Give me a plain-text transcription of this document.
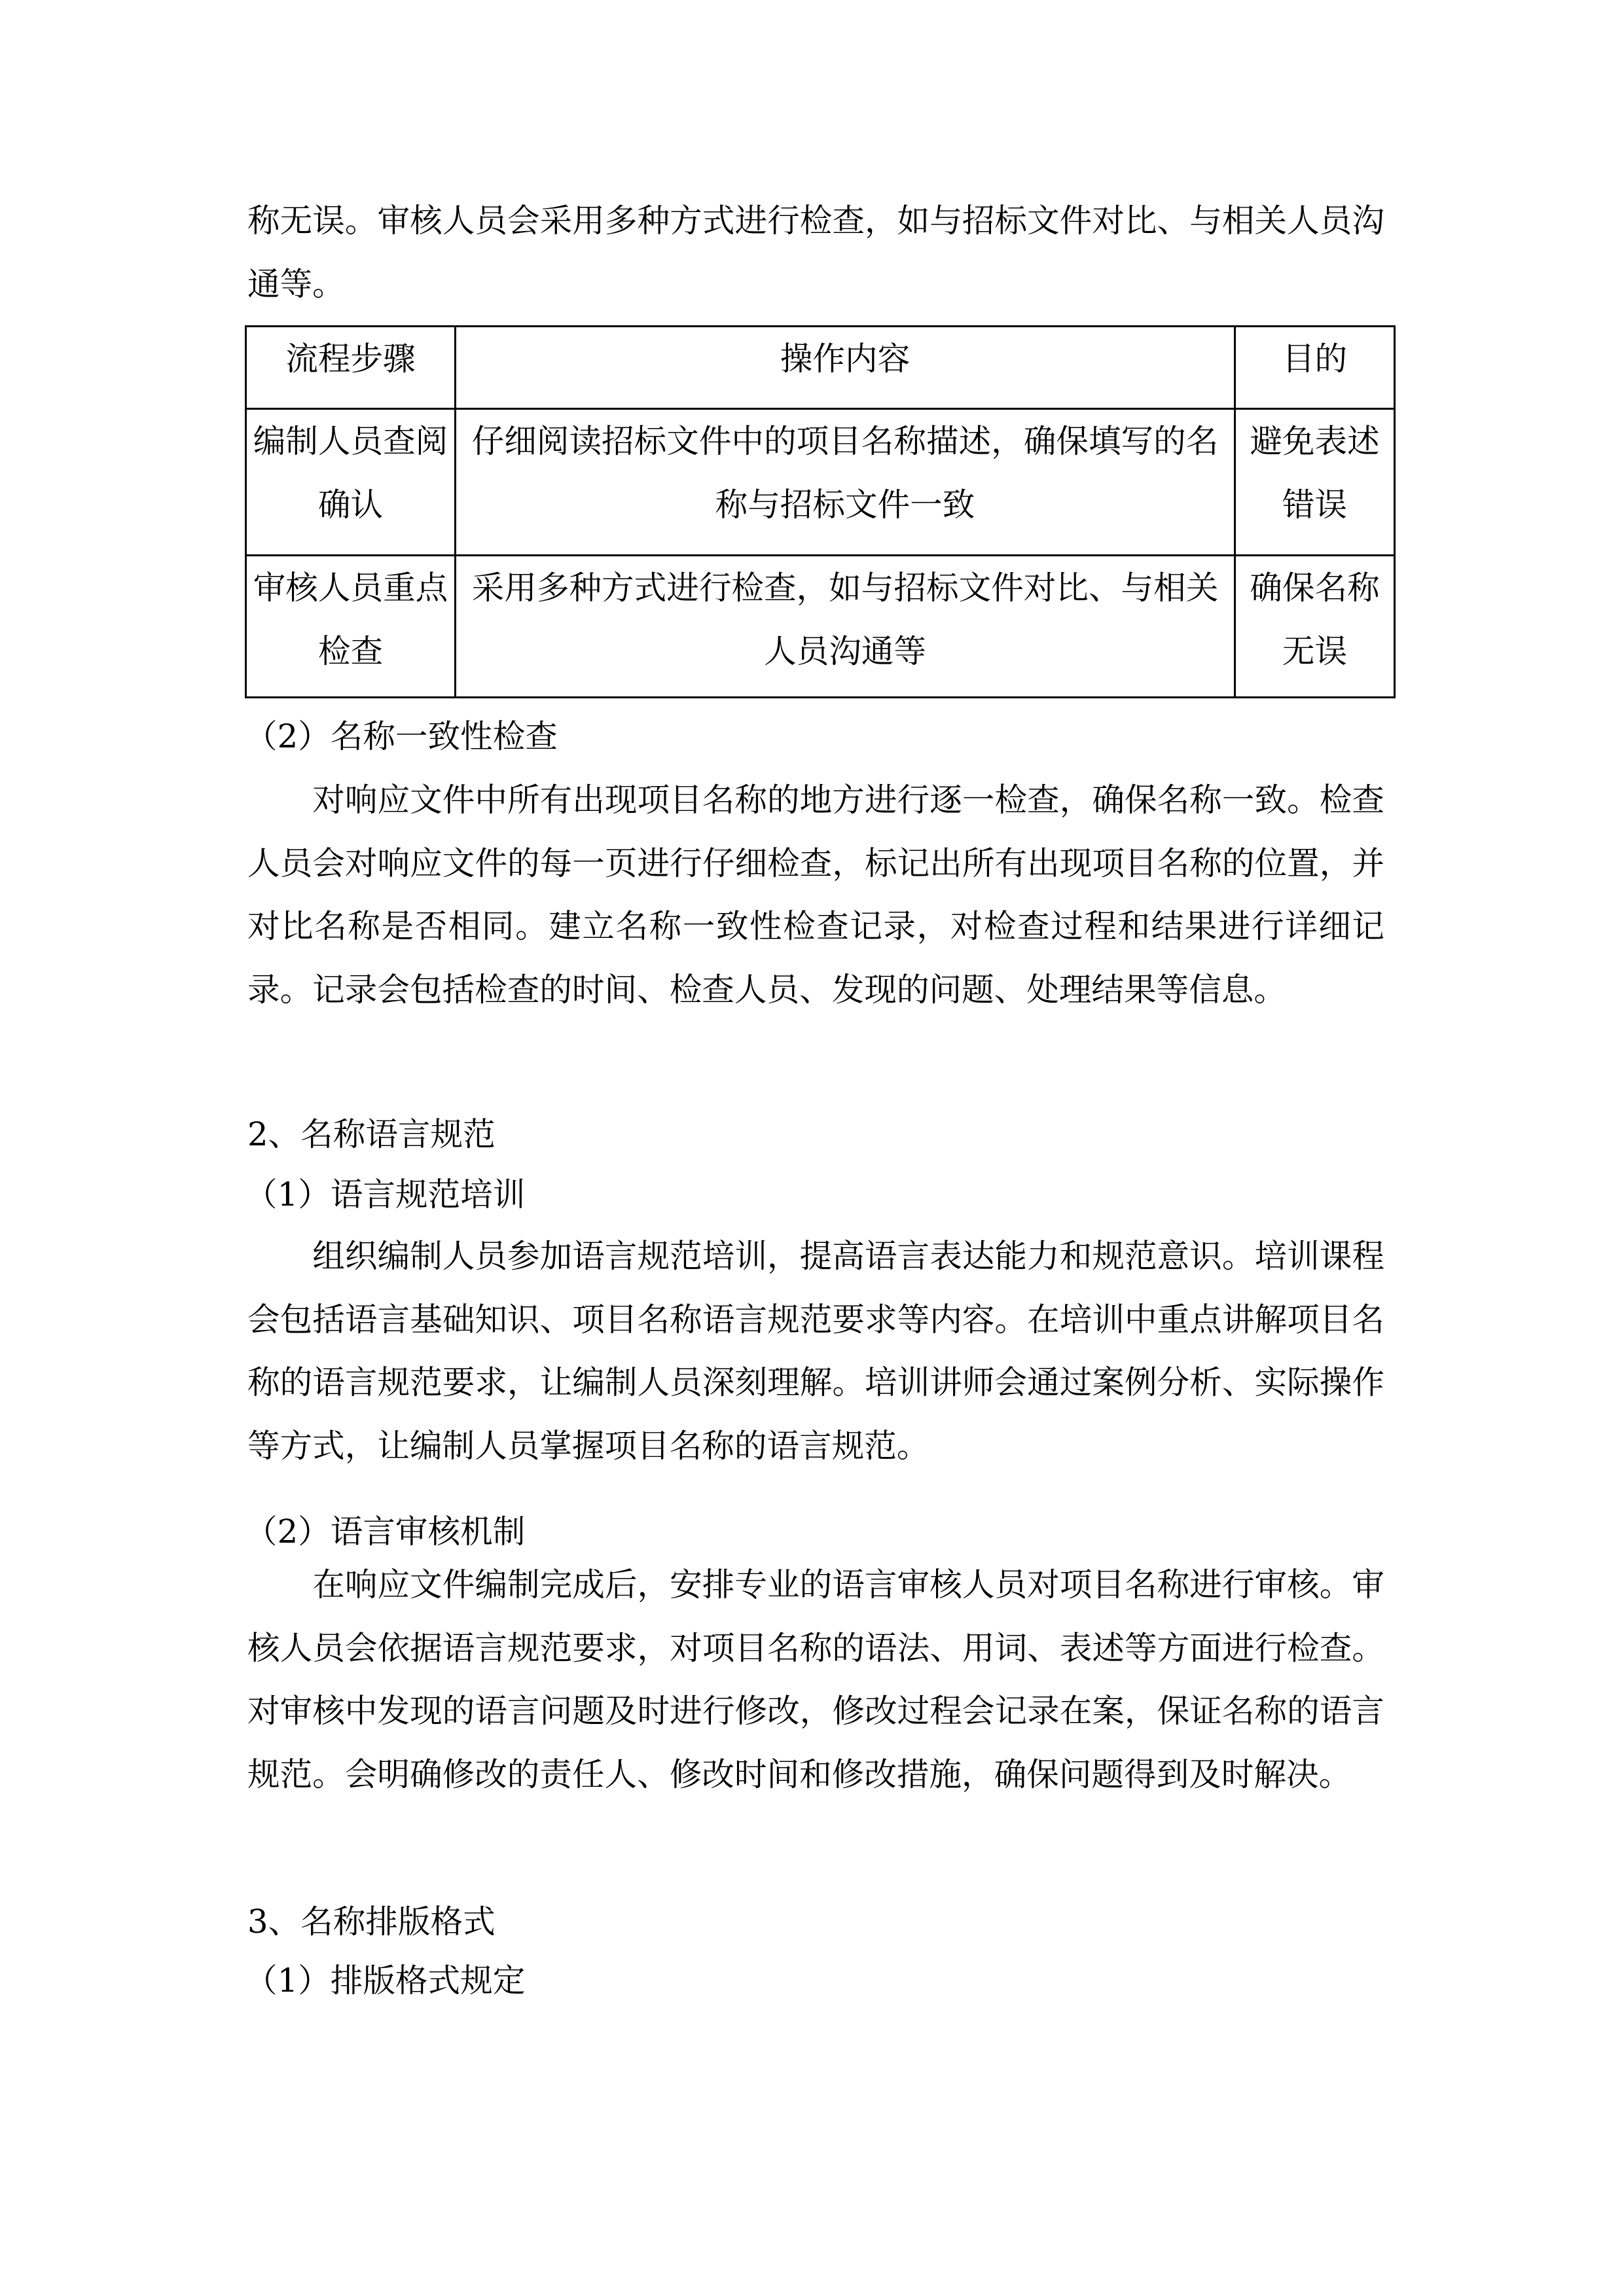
称无误。审核人员会采用多种方式进行检查，如与招标文件对比、与相关人员沟通等。
流程步骤	操作内容	目的
编制人员查阅确认	仔细阅读招标文件中的项目名称描述，确保填写的名称与招标文件一致	避免表述错误
审核人员重点检查	采用多种方式进行检查，如与招标文件对比、与相关人员沟通等	确保名称无误
（2）名称一致性检查
对响应文件中所有出现项目名称的地方进行逐一检查，确保名称一致。检查人员会对响应文件的每一页进行仔细检查，标记出所有出现项目名称的位置，并对比名称是否相同。建立名称一致性检查记录，对检查过程和结果进行详细记录。记录会包括检查的时间、检查人员、发现的问题、处理结果等信息。
2、名称语言规范
（1）语言规范培训
组织编制人员参加语言规范培训，提高语言表达能力和规范意识。培训课程会包括语言基础知识、项目名称语言规范要求等内容。在培训中重点讲解项目名称的语言规范要求，让编制人员深刻理解。培训讲师会通过案例分析、实际操作等方式，让编制人员掌握项目名称的语言规范。
（2）语言审核机制
在响应文件编制完成后，安排专业的语言审核人员对项目名称进行审核。审核人员会依据语言规范要求，对项目名称的语法、用词、表述等方面进行检查。对审核中发现的语言问题及时进行修改，修改过程会记录在案，保证名称的语言规范。会明确修改的责任人、修改时间和修改措施，确保问题得到及时解决。
3、名称排版格式
（1）排版格式规定
